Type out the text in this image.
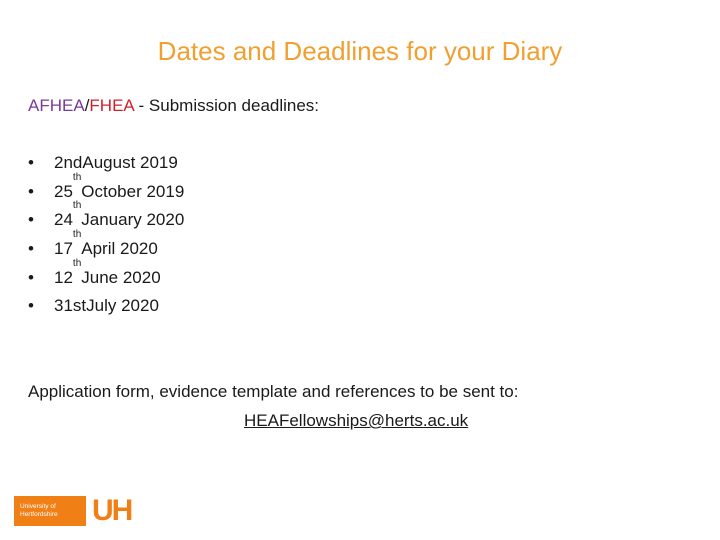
Dates and Deadlines for your Diary
AFHEA/FHEA - Submission deadlines:
•	2nd August 2019
•	25
th
October 2019
•	24
th
January 2020
•	17
th
April 2020
•	12
th
June 2020
•	31st July 2020
Application form, evidence template and references to be sent to:
HEAFellowships@herts.ac.uk
University of
Hertfordshire	UH
